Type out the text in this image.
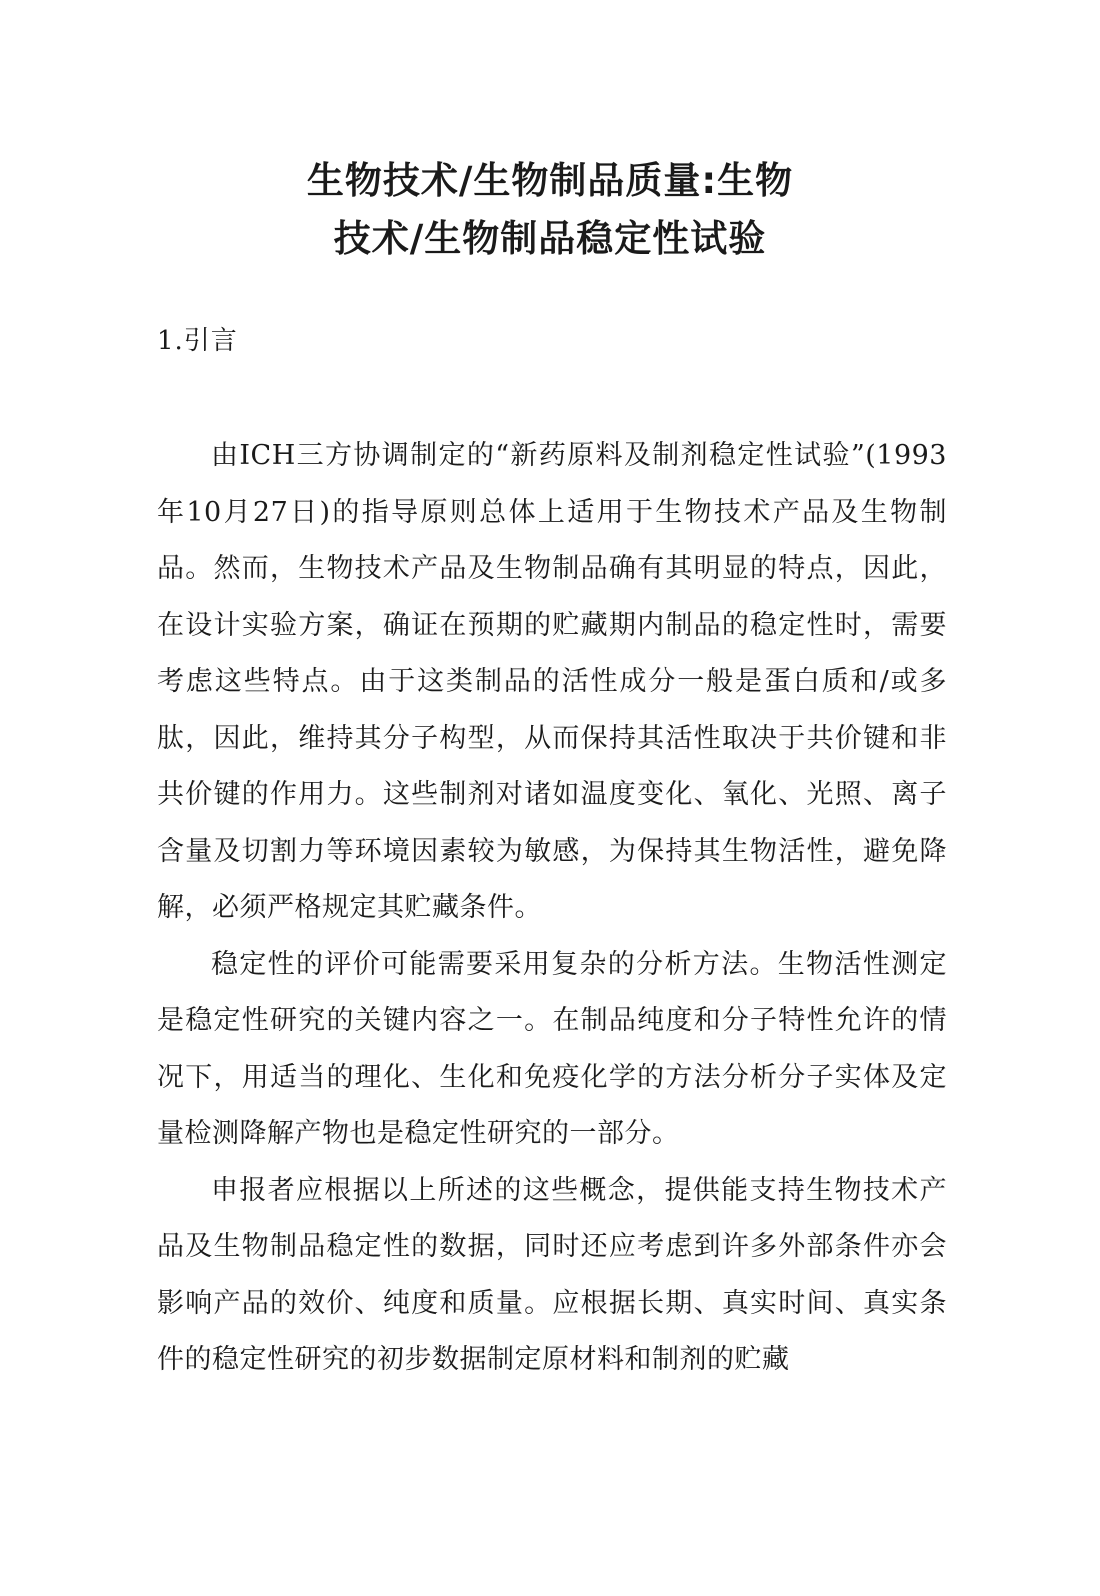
生物技术/生物制品质量:生物
技术/生物制品稳定性试验
1.引言

由ICH三方协调制定的“新药原料及制剂稳定性试验”(1993年10月27日)的指导原则总体上适用于生物技术产品及生物制品。然而，生物技术产品及生物制品确有其明显的特点，因此，在设计实验方案，确证在预期的贮藏期内制品的稳定性时，需要考虑这些特点。由于这类制品的活性成分一般是蛋白质和/或多肽，因此，维持其分子构型，从而保持其活性取决于共价键和非共价键的作用力。这些制剂对诸如温度变化、氧化、光照、离子含量及切割力等环境因素较为敏感，为保持其生物活性，避免降解，必须严格规定其贮藏条件。

稳定性的评价可能需要采用复杂的分析方法。生物活性测定是稳定性研究的关键内容之一。在制品纯度和分子特性允许的情况下，用适当的理化、生化和免疫化学的方法分析分子实体及定量检测降解产物也是稳定性研究的一部分。

申报者应根据以上所述的这些概念，提供能支持生物技术产品及生物制品稳定性的数据，同时还应考虑到许多外部条件亦会影响产品的效价、纯度和质量。应根据长期、真实时间、真实条件的稳定性研究的初步数据制定原材料和制剂的贮藏
